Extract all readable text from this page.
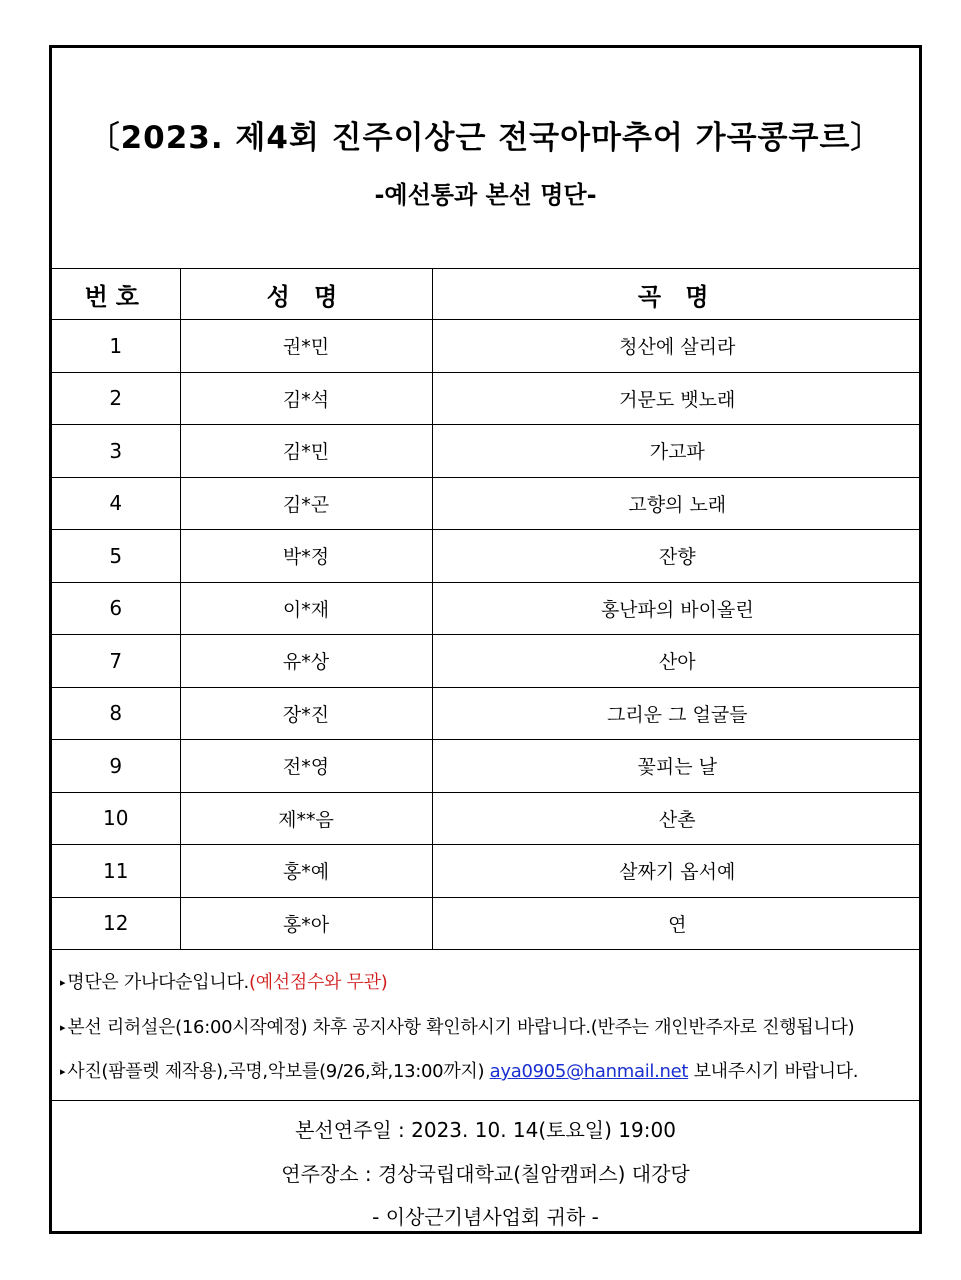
〔2023. 제4회 진주이상근 전국아마추어 가곡콩쿠르〕
-예선통과 본선 명단-
번호	성 명	곡 명
1	권*민	청산에 살리라
2	김*석	거문도 뱃노래
3	김*민	가고파
4	김*곤	고향의 노래
5	박*정	잔향
6	이*재	홍난파의 바이올린
7	유*상	산아
8	장*진	그리운 그 얼굴들
9	전*영	꽃피는 날
10	제**음	산촌
11	홍*예	살짜기 옵서예
12	홍*아	연
▸ 명단은 가나다순입니다.(예선점수와 무관)
▸ 본선 리허설은(16:00시작예정) 차후 공지사항 확인하시기 바랍니다.(반주는 개인반주자로 진행됩니다)
▸ 사진(팜플렛 제작용),곡명,악보를(9/26,화,13:00까지) aya0905@hanmail.net 보내주시기 바랍니다.
본선연주일 : 2023. 10. 14(토요일) 19:00
연주장소 : 경상국립대학교(칠암캠퍼스) 대강당
- 이상근기념사업회 귀하 -
